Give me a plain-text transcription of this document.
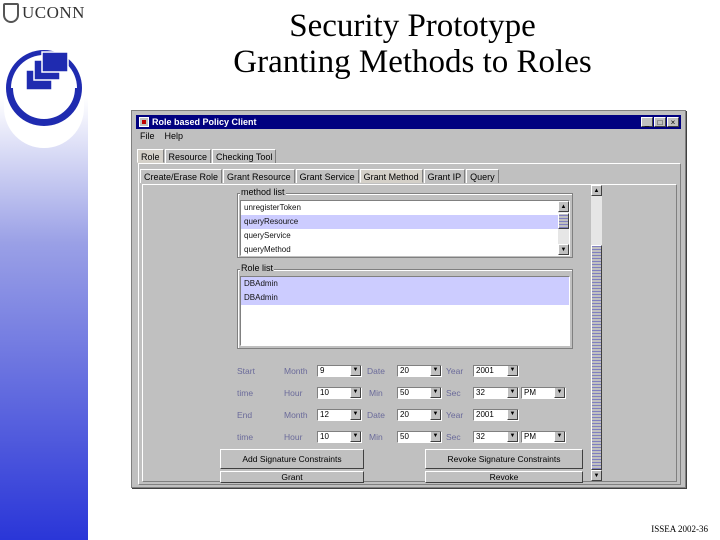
UCONN	Security Prototype
Granting Methods to Roles
ISSEA 2002-36
Role based Policy Client	_	□	×
File Help
Role	Resource	Checking Tool
method list
unregisterToken
queryResource
queryService
queryMethod
▲
▼
Role list
DBAdmin
DBAdmin
Start	Month	9	▼ Date	20	▼ Year	2001	▼
time	Hour	10	▼ Min	50	▼ Sec	32	▼	PM	▼
End	Month	12	▼ Date	20	▼ Year	2001	▼
time	Hour	10	▼ Min	50	▼ Sec	32	▼	PM	▼
Add Signature Constraints	Revoke Signature Constraints
Grant	Revoke
▲
▼
Create/Erase Role	Grant Resource	Grant Service	Grant Method	Grant IP	Query
